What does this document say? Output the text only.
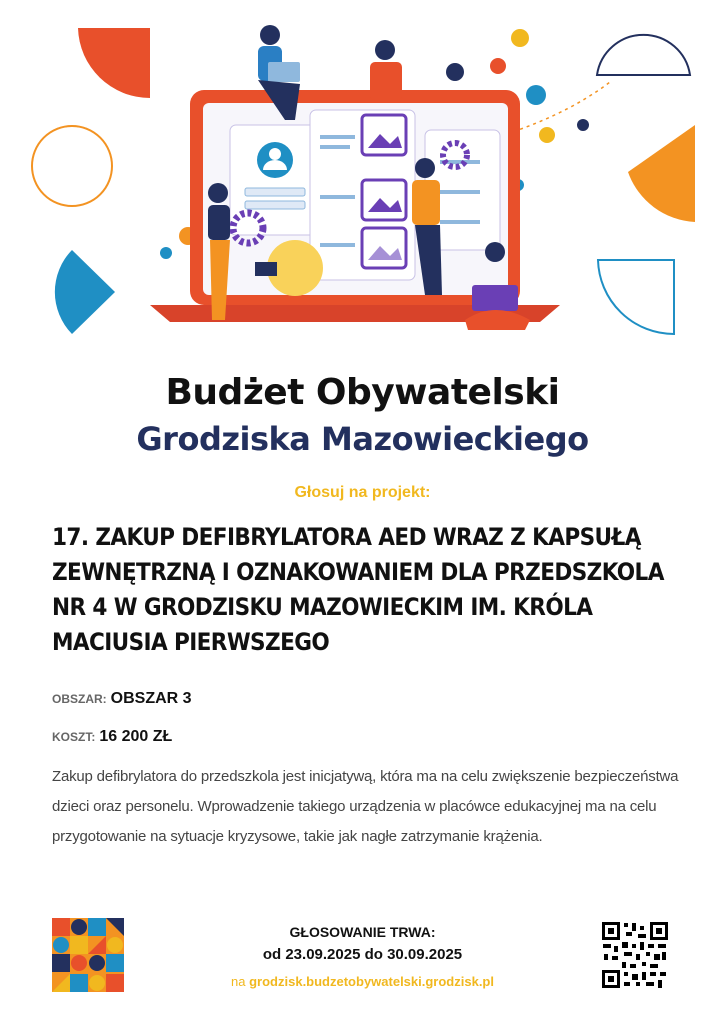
Budżet Obywatelski
Grodziska Mazowieckiego
Głosuj na projekt:
17. ZAKUP DEFIBRYLATORA AED WRAZ Z KAPSUŁĄ ZEWNĘTRZNĄ I OZNAKOWANIEM DLA PRZEDSZKOLA NR 4 W GRODZISKU MAZOWIECKIM IM. KRÓLA MACIUSIA PIERWSZEGO
OBSZAR: OBSZAR 3
KOSZT: 16 200 ZŁ
Zakup defibrylatora do przedszkola jest inicjatywą, która ma na celu zwiększenie bezpieczeństwa dzieci oraz personelu. Wprowadzenie takiego urządzenia w placówce edukacyjnej ma na celu przygotowanie na sytuacje kryzysowe, takie jak nagłe zatrzymanie krążenia.
GŁOSOWANIE TRWA:
od 23.09.2025 do 30.09.2025
na grodzisk.budzetobywatelski.grodzisk.pl
